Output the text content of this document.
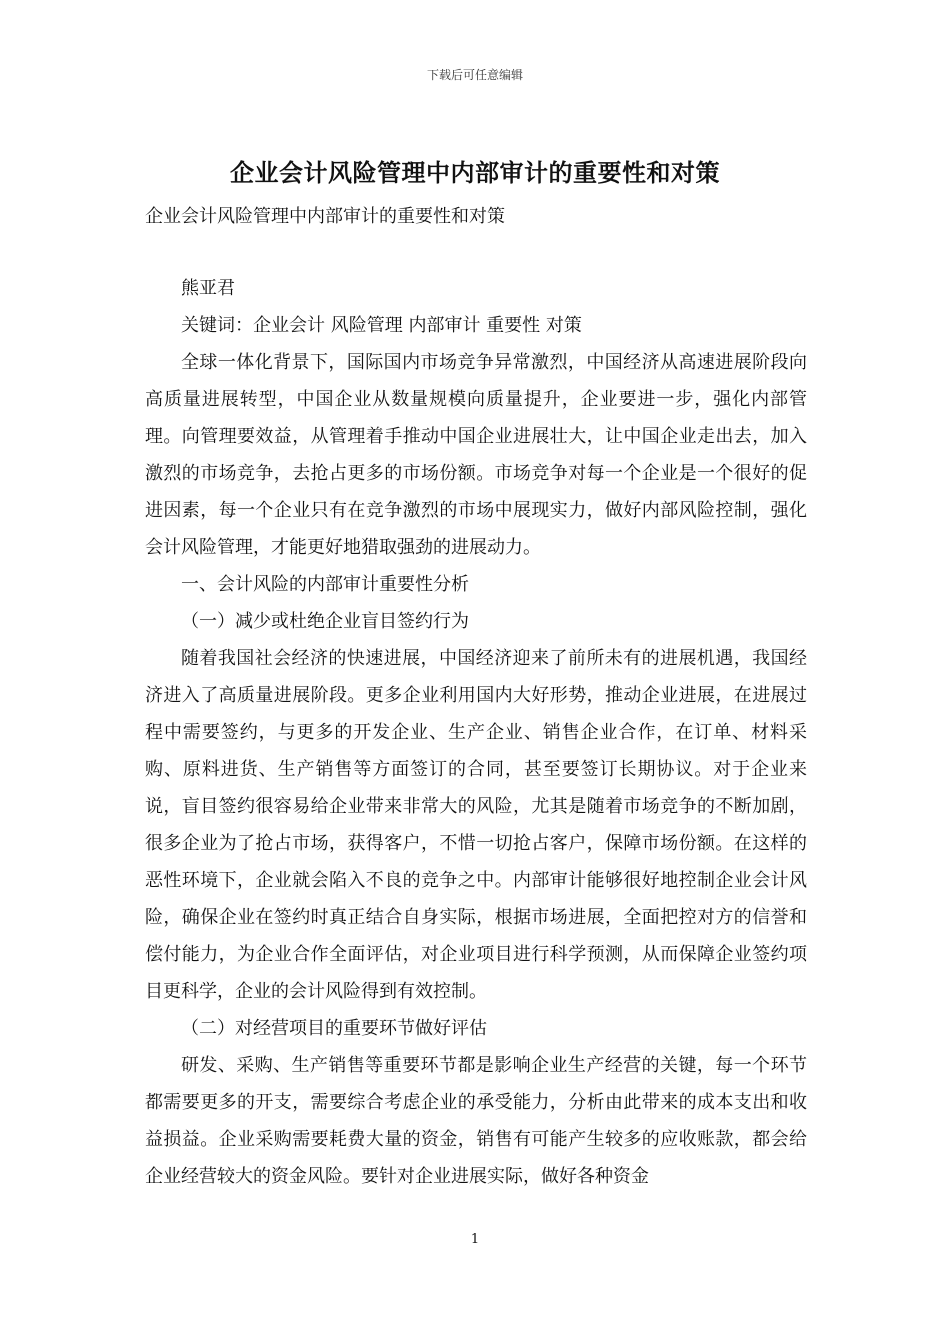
下载后可任意编辑
企业会计风险管理中内部审计的重要性和对策
企业会计风险管理中内部审计的重要性和对策

熊亚君

关键词：企业会计 风险管理 内部审计 重要性 对策

全球一体化背景下，国际国内市场竞争异常激烈，中国经济从高速进展阶段向高质量进展转型，中国企业从数量规模向质量提升，企业要进一步，强化内部管理。向管理要效益，从管理着手推动中国企业进展壮大，让中国企业走出去，加入激烈的市场竞争，去抢占更多的市场份额。市场竞争对每一个企业是一个很好的促进因素，每一个企业只有在竞争激烈的市场中展现实力，做好内部风险控制，强化会计风险管理，才能更好地猎取强劲的进展动力。

一、会计风险的内部审计重要性分析

（一）减少或杜绝企业盲目签约行为

随着我国社会经济的快速进展，中国经济迎来了前所未有的进展机遇，我国经济进入了高质量进展阶段。更多企业利用国内大好形势，推动企业进展，在进展过程中需要签约，与更多的开发企业、生产企业、销售企业合作，在订单、材料采购、原料进货、生产销售等方面签订的合同，甚至要签订长期协议。对于企业来说，盲目签约很容易给企业带来非常大的风险，尤其是随着市场竞争的不断加剧，很多企业为了抢占市场，获得客户，不惜一切抢占客户，保障市场份额。在这样的恶性环境下，企业就会陷入不良的竞争之中。内部审计能够很好地控制企业会计风险，确保企业在签约时真正结合自身实际，根据市场进展，全面把控对方的信誉和偿付能力，为企业合作全面评估，对企业项目进行科学预测，从而保障企业签约项目更科学，企业的会计风险得到有效控制。

（二）对经营项目的重要环节做好评估

研发、采购、生产销售等重要环节都是影响企业生产经营的关键，每一个环节都需要更多的开支，需要综合考虑企业的承受能力，分析由此带来的成本支出和收益损益。企业采购需要耗费大量的资金，销售有可能产生较多的应收账款，都会给企业经营较大的资金风险。要针对企业进展实际，做好各种资金

1
